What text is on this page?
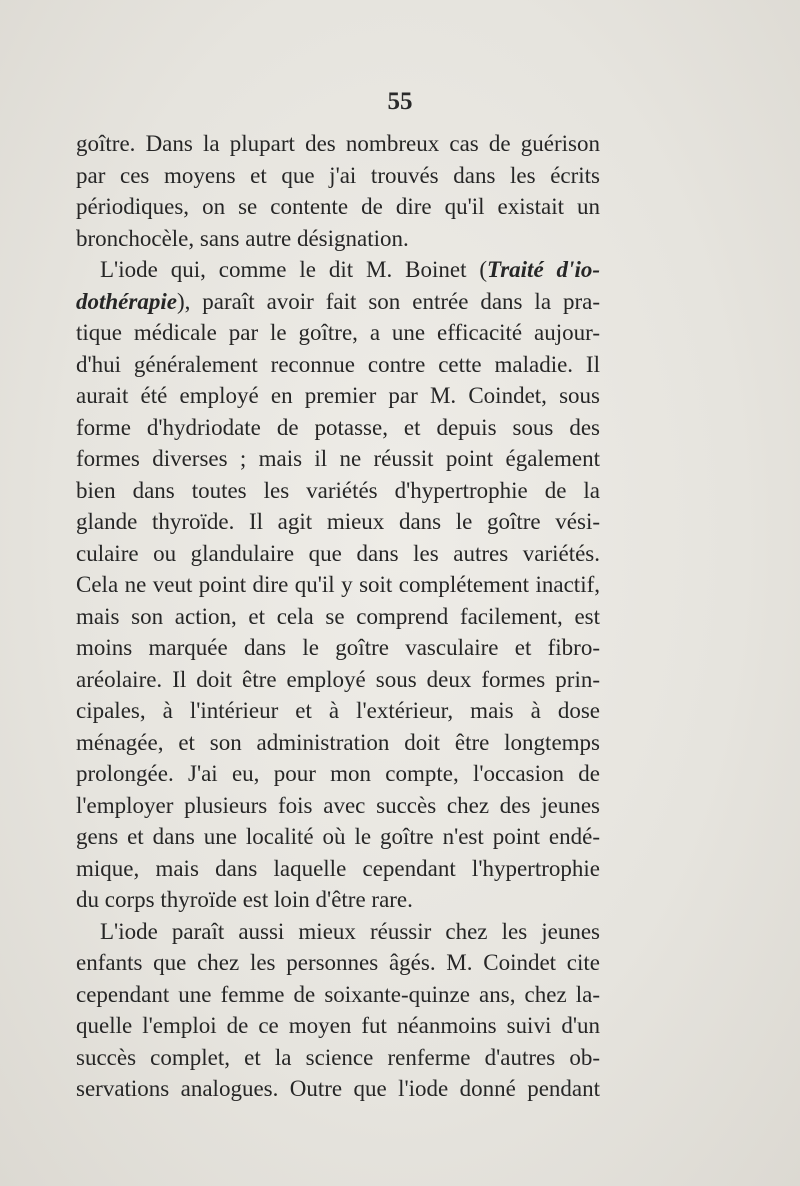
55
goître. Dans la plupart des nombreux cas de guérison
par ces moyens et que j'ai trouvés dans les écrits
périodiques, on se contente de dire qu'il existait un
bronchocèle, sans autre désignation.
L'iode qui, comme le dit M. Boinet (Traité d'io-
dothérapie), paraît avoir fait son entrée dans la pra-
tique médicale par le goître, a une efficacité aujour-
d'hui généralement reconnue contre cette maladie. Il
aurait été employé en premier par M. Coindet, sous
forme d'hydriodate de potasse, et depuis sous des
formes diverses ; mais il ne réussit point également
bien dans toutes les variétés d'hypertrophie de la
glande thyroïde. Il agit mieux dans le goître vési-
culaire ou glandulaire que dans les autres variétés.
Cela ne veut point dire qu'il y soit complétement inactif,
mais son action, et cela se comprend facilement, est
moins marquée dans le goître vasculaire et fibro-
aréolaire. Il doit être employé sous deux formes prin-
cipales, à l'intérieur et à l'extérieur, mais à dose
ménagée, et son administration doit être longtemps
prolongée. J'ai eu, pour mon compte, l'occasion de
l'employer plusieurs fois avec succès chez des jeunes
gens et dans une localité où le goître n'est point endé-
mique, mais dans laquelle cependant l'hypertrophie
du corps thyroïde est loin d'être rare.
L'iode paraît aussi mieux réussir chez les jeunes
enfants que chez les personnes âgés. M. Coindet cite
cependant une femme de soixante-quinze ans, chez la-
quelle l'emploi de ce moyen fut néanmoins suivi d'un
succès complet, et la science renferme d'autres ob-
servations analogues. Outre que l'iode donné pendant
